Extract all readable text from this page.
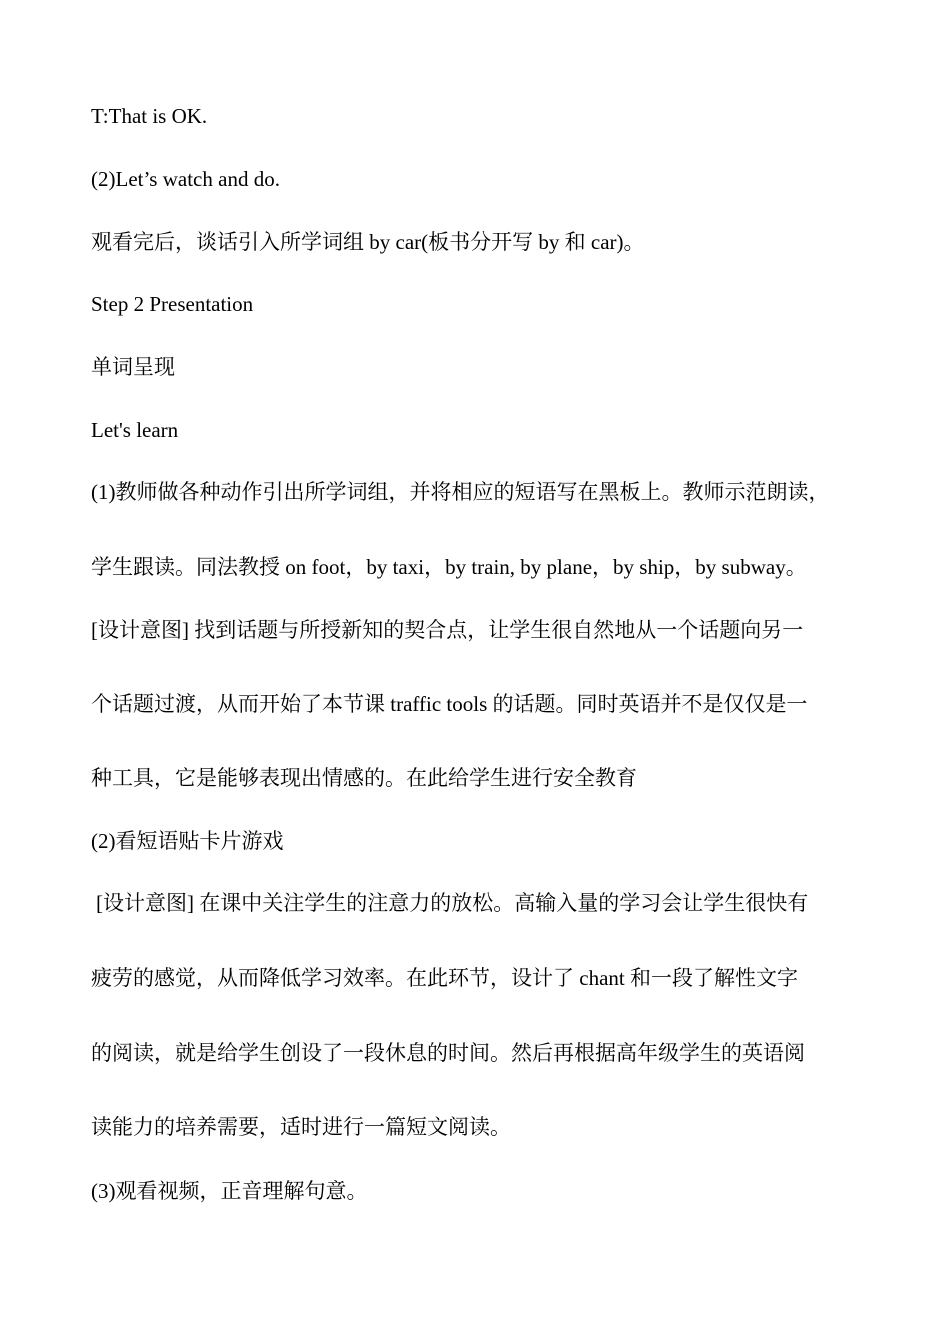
T:That is OK.
(2)Let’s watch and do.
观看完后，谈话引入所学词组 by car(板书分开写 by 和 car)。
Step 2 Presentation
单词呈现
Let's learn
(1)教师做各种动作引出所学词组，并将相应的短语写在黑板上。教师示范朗读，
学生跟读。同法教授 on foot，by taxi，by train, by plane，by ship，by subway。
[设计意图] 找到话题与所授新知的契合点，让学生很自然地从一个话题向另一
个话题过渡，从而开始了本节课 traffic tools 的话题。同时英语并不是仅仅是一
种工具，它是能够表现出情感的。在此给学生进行安全教育
(2)看短语贴卡片游戏
[设计意图] 在课中关注学生的注意力的放松。高输入量的学习会让学生很快有
疲劳的感觉，从而降低学习效率。在此环节，设计了 chant 和一段了解性文字
的阅读，就是给学生创设了一段休息的时间。然后再根据高年级学生的英语阅
读能力的培养需要，适时进行一篇短文阅读。
(3)观看视频，正音理解句意。
